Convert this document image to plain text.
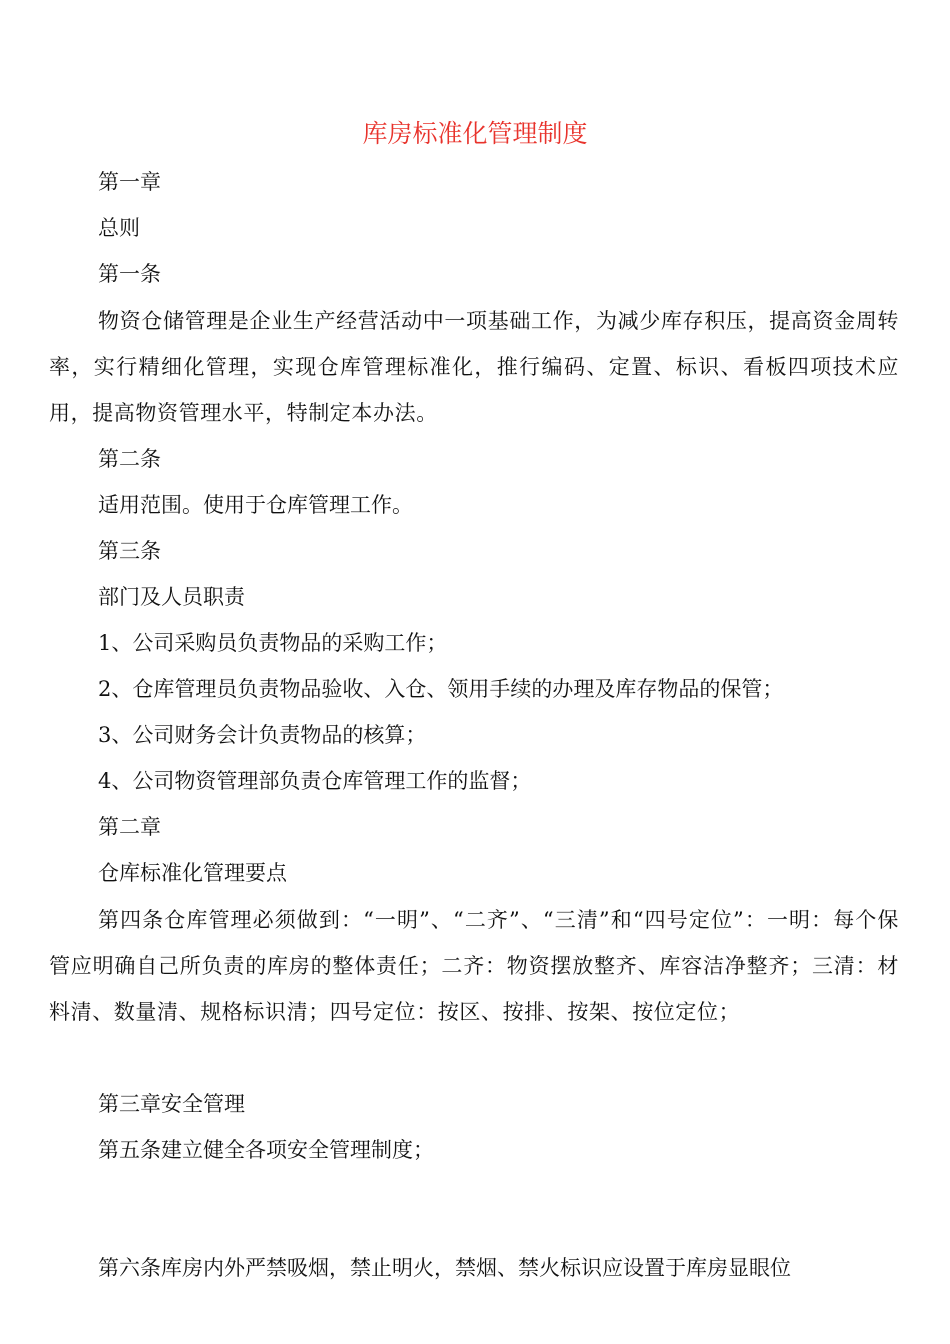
库房标准化管理制度

第一章

总则

第一条

物资仓储管理是企业生产经营活动中一项基础工作，为减少库存积压，提高资金周转率，实行精细化管理，实现仓库管理标准化，推行编码、定置、标识、看板四项技术应用，提高物资管理水平，特制定本办法。

第二条

适用范围。使用于仓库管理工作。

第三条

部门及人员职责

1、公司采购员负责物品的采购工作；

2、仓库管理员负责物品验收、入仓、领用手续的办理及库存物品的保管；

3、公司财务会计负责物品的核算；

4、公司物资管理部负责仓库管理工作的监督；

第二章

仓库标准化管理要点

第四条仓库管理必须做到：“一明”、“二齐”、“三清”和“四号定位”：一明：每个保管应明确自己所负责的库房的整体责任；二齐：物资摆放整齐、库容洁净整齐；三清：材料清、数量清、规格标识清；四号定位：按区、按排、按架、按位定位；

第三章安全管理

第五条建立健全各项安全管理制度；

第六条库房内外严禁吸烟，禁止明火，禁烟、禁火标识应设置于库房显眼位
